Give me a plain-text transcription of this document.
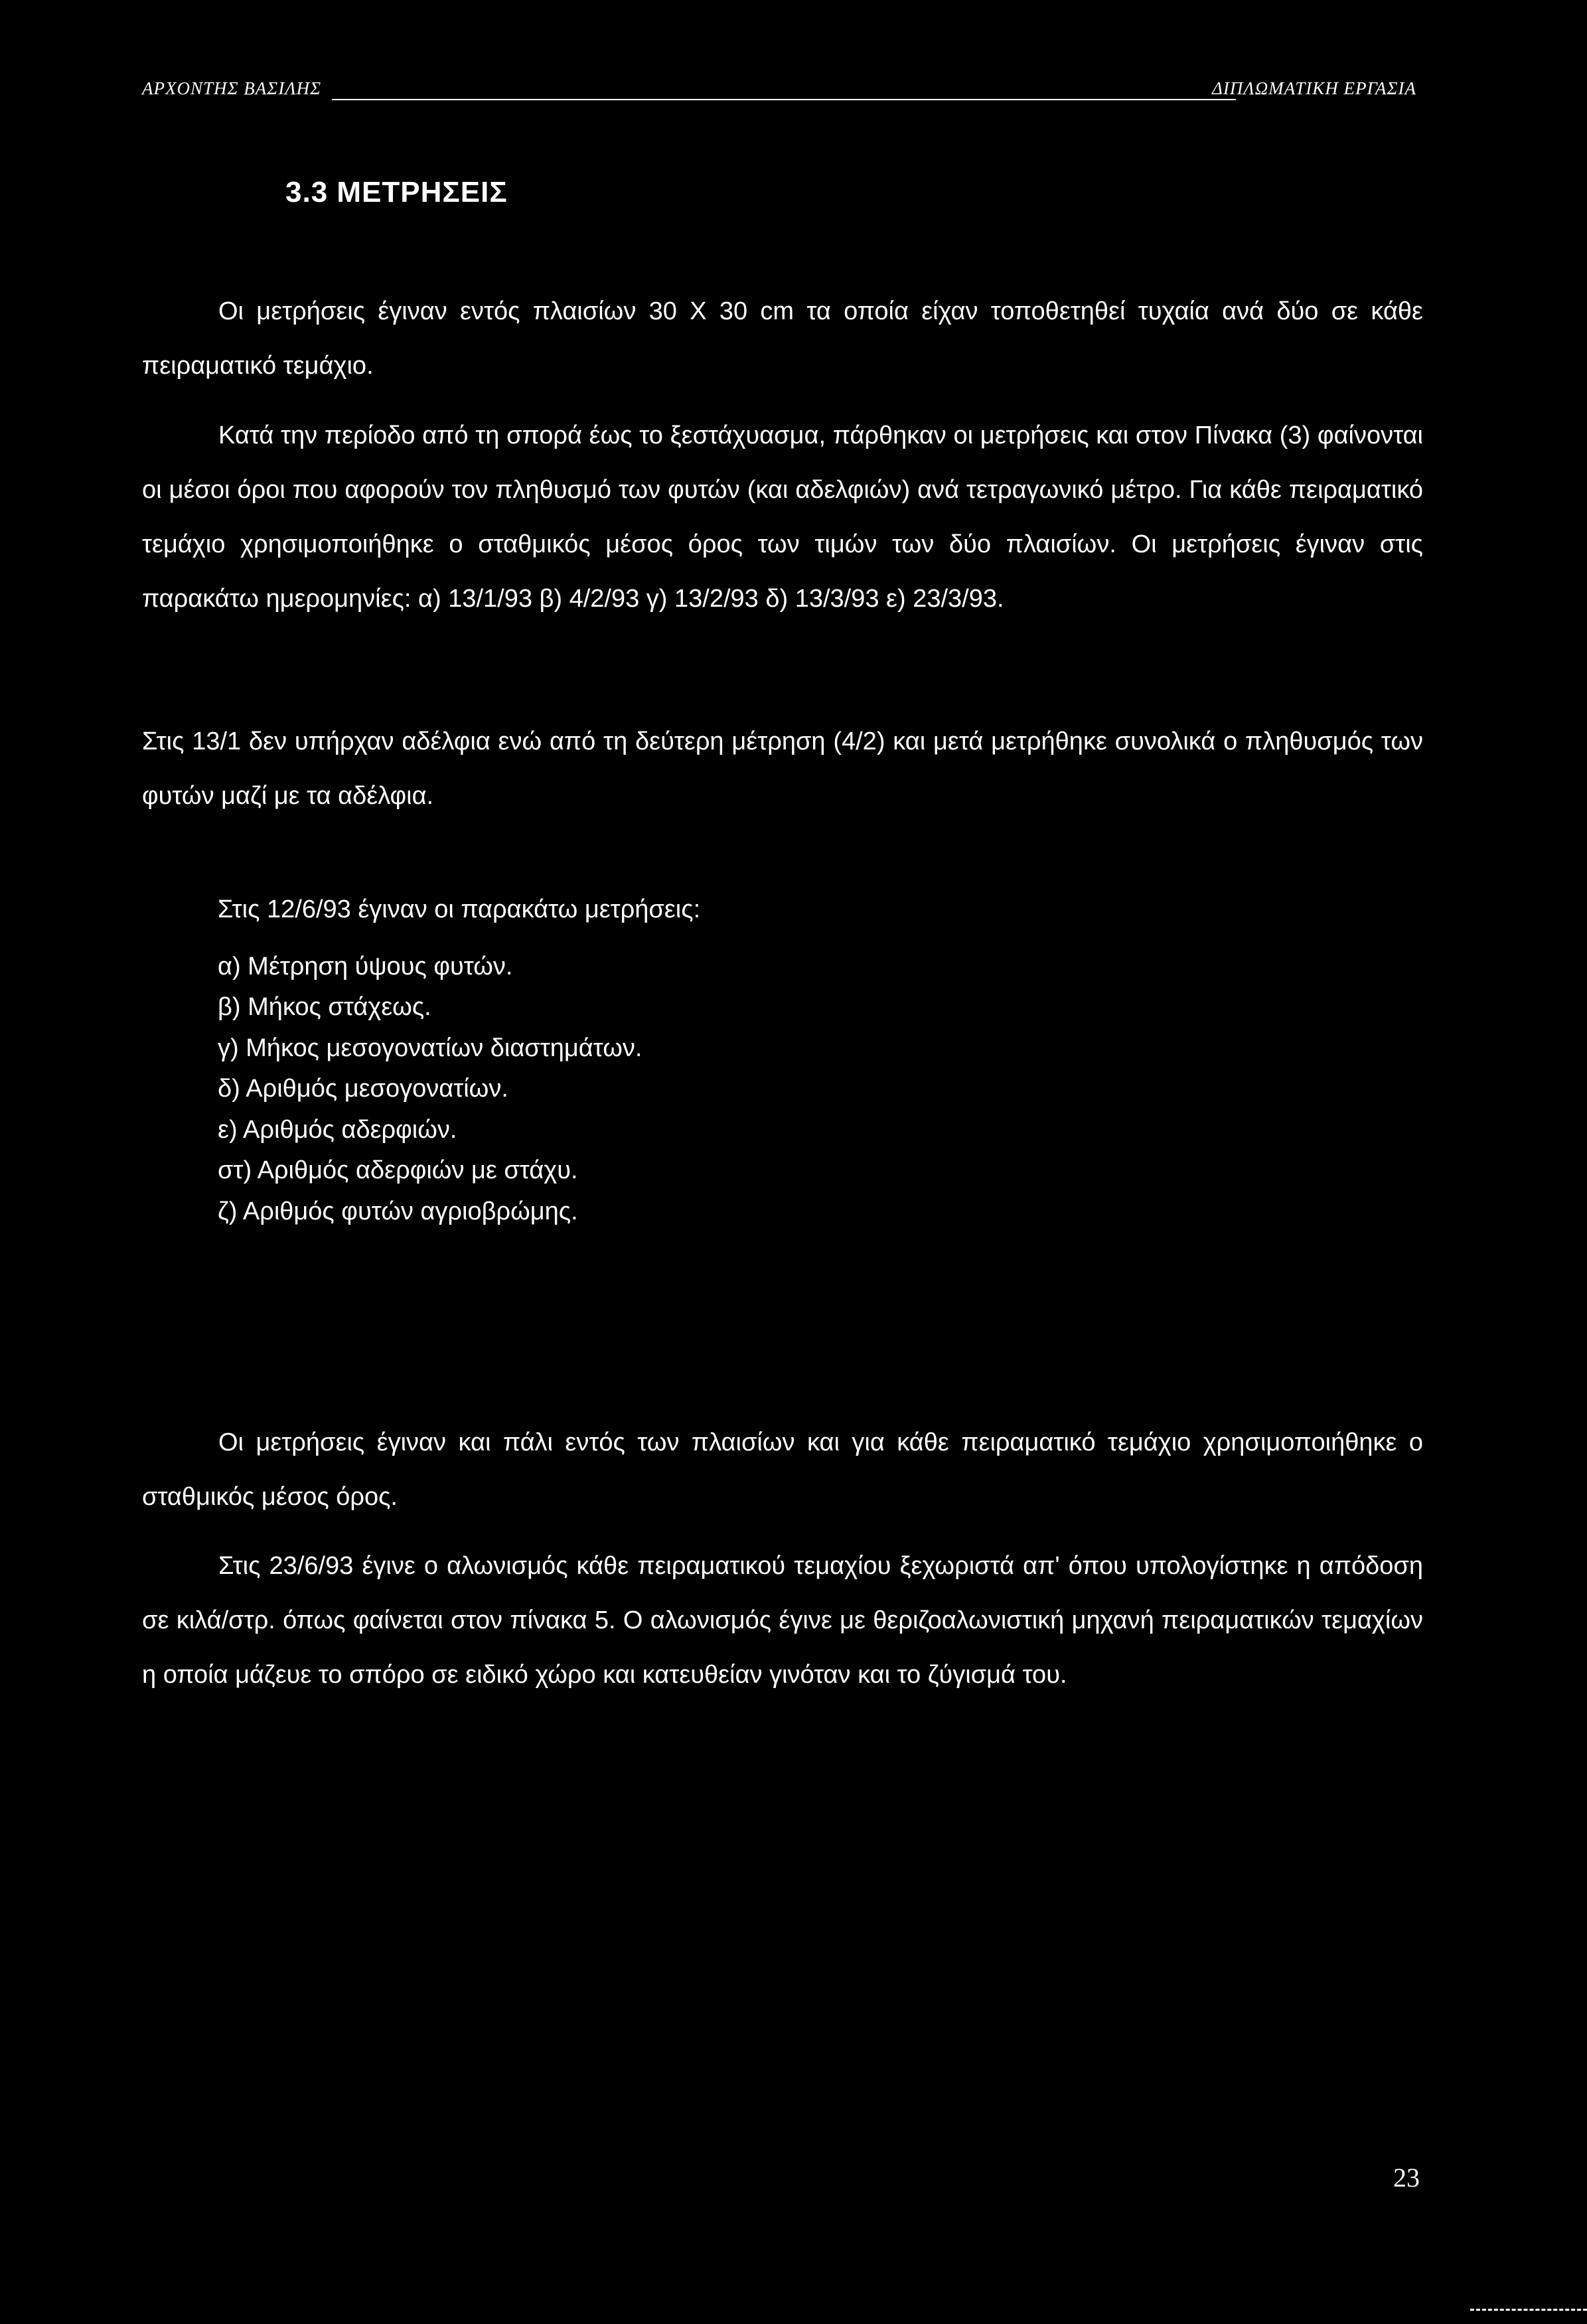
ΑΡΧΟΝΤΗΣ ΒΑΣΙΛΗΣ	ΔΙΠΛΩΜΑΤΙΚΗ ΕΡΓΑΣΙΑ
3.3 ΜΕΤΡΗΣΕΙΣ

Οι μετρήσεις έγιναν εντός πλαισίων 30 Χ 30 cm τα οποία είχαν τοποθετηθεί τυχαία ανά δύο σε κάθε πειραματικό τεμάχιο.

Κατά την περίοδο από τη σπορά έως το ξεστάχυασμα, πάρθηκαν οι μετρήσεις και στον Πίνακα (3) φαίνονται οι μέσοι όροι που αφορούν τον πληθυσμό των φυτών (και αδελφιών) ανά τετραγωνικό μέτρο. Για κάθε πειραματικό τεμάχιο χρησιμοποιήθηκε ο σταθμικός μέσος όρος των τιμών των δύο πλαισίων. Οι μετρήσεις έγιναν στις παρακάτω ημερομηνίες: α) 13/1/93 β) 4/2/93 γ) 13/2/93 δ) 13/3/93 ε) 23/3/93.

Στις 13/1 δεν υπήρχαν αδέλφια ενώ από τη δεύτερη μέτρηση (4/2) και μετά μετρήθηκε συνολικά ο πληθυσμός των φυτών μαζί με τα αδέλφια.

Στις 12/6/93 έγιναν οι παρακάτω μετρήσεις:
α) Μέτρηση ύψους φυτών.
β) Μήκος στάχεως.
γ) Μήκος μεσογονατίων διαστημάτων.
δ) Αριθμός μεσογονατίων.
ε) Αριθμός αδερφιών.
στ) Αριθμός αδερφιών με στάχυ.
ζ) Αριθμός φυτών αγριοβρώμης.

Οι μετρήσεις έγιναν και πάλι εντός των πλαισίων και για κάθε πειραματικό τεμάχιο χρησιμοποιήθηκε ο σταθμικός μέσος όρος.

Στις 23/6/93 έγινε ο αλωνισμός κάθε πειραματικού τεμαχίου ξεχωριστά απ' όπου υπολογίστηκε η απόδοση σε κιλά/στρ. όπως φαίνεται στον πίνακα 5. Ο αλωνισμός έγινε με θεριζοαλωνιστική μηχανή πειραματικών τεμαχίων η οποία μάζευε το σπόρο σε ειδικό χώρο και κατευθείαν γινόταν και το ζύγισμά του.

23
